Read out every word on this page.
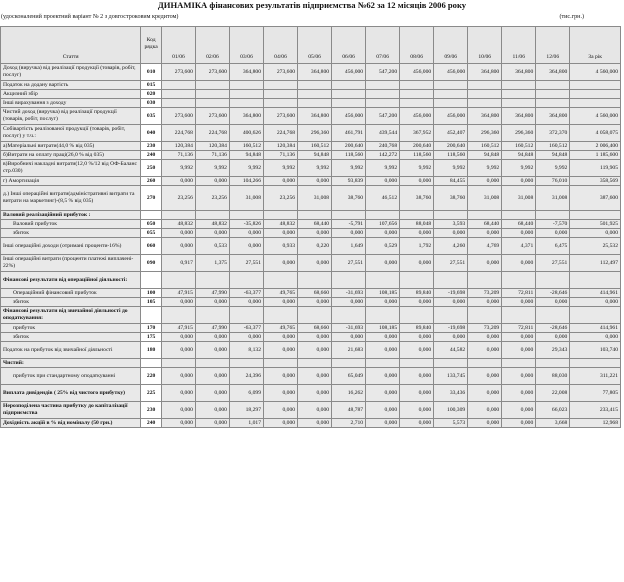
ДИНАМІКА фінансових результатів підприємства №62 за 12 місяців 2006 року
(удосконалений проектний варіант № 2 з довгостроковим кредитом)	(тис.грн.)
Стаття	Код рядка	01/06	02/06	03/06	04/06	05/06	06/06	07/06	08/06	09/06	10/06	11/06	12/06	За рік
Доход (виручка) від реалізації продукції (товарів, робіт, послуг)	010	273,600	273,600	364,800	273,600	364,800	456,000	547,200	456,000	456,000	364,800	364,800	364,800	4 560,000
Податок на додану вартість	015													
Акцизний збір	020													
Інші вирахування з доходу	030													
Чистий доход (виручка) від реалізації продукції (товарів, робіт, послуг)	035	273,600	273,600	364,800	273,600	364,800	456,000	547,200	456,000	456,000	364,800	364,800	364,800	4 560,000
Собівартість реалізованої продукції (товарів, робіт, послуг) у т.ч.:	040	224,768	224,768	400,626	224,768	296,360	461,791	439,544	367,952	452,407	296,360	296,360	372,370	4 058,075
а)Матеріальні витрати(44,0 % від 035)	230	120,384	120,384	160,512	120,384	160,512	200,640	240,768	200,640	200,640	160,512	160,512	160,512	2 006,400
б)Витрати на оплату праці(26,0 % від 035)	240	71,136	71,136	94,848	71,136	94,848	118,560	142,272	118,560	118,560	94,848	94,848	94,848	1 185,600
в)Виробничі накладні витрати(12,0 %/12 від ОФ-Баланс стр.030)	250	9,992	9,992	9,992	9,992	9,992	9,992	9,992	9,992	9,992	9,992	9,992	9,992	119,905
г) Амортизація	260	0,000	0,000	104,266	0,000	0,000	93,839	0,000	0,000	84,455	0,000	0,000	76,010	358,569
д.) Інші операційні витрати(адміністративні витрати та витрати на маркетинг)-(8,5 % від 035)	270	23,256	23,256	31,008	23,256	31,008	38,760	46,512	38,760	38,760	31,008	31,008	31,008	387,600
Валовий реалізаційний прибуток :														
Валовий прибуток	050	48,832	48,832	-35,826	48,832	68,440	-5,791	107,656	88,048	3,593	68,440	68,440	-7,570	501,925
збиток	055	0,000	0,000	0,000	0,000	0,000	0,000	0,000	0,000	0,000	0,000	0,000	0,000	0,000
Інші операційні доходи (отримані проценти-16%)	060	0,000	0,533	0,000	0,933	0,220	1,649	0,529	1,792	4,260	4,769	4,371	6,475	25,532
Інші операційні витрати (проценти платежі виплачені- 22%)	090	0,917	1,375	27,551	0,000	0,000	27,551	0,000	0,000	27,551	0,000	0,000	27,551	112,497
Фінансові результати від операційної діяльності:														
Операційний фінансовий прибуток	100	47,915	47,990	-63,377	49,765	68,660	-31,693	108,185	89,840	-19,698	73,209	72,811	-28,646	414,961
збиток	105	0,000	0,000	0,000	0,000	0,000	0,000	0,000	0,000	0,000	0,000	0,000	0,000	0,000
Фінансові результати від звичайної діяльності до оподаткування:														
прибуток	170	47,915	47,990	-63,377	49,765	68,660	-31,693	108,185	89,840	-19,698	73,209	72,811	-28,646	414,961
збиток	175	0,000	0,000	0,000	0,000	0,000	0,000	0,000	0,000	0,000	0,000	0,000	0,000	0,000
Податок на прибуток від звичайної діяльності	180	0,000	0,000	8,132	0,000	0,000	21,683	0,000	0,000	44,582	0,000	0,000	29,343	103,740
Чистий:														
прибуток при стандартному оподаткуванні	220	0,000	0,000	24,396	0,000	0,000	65,049	0,000	0,000	133,745	0,000	0,000	88,030	311,221
Виплата дивідендів ( 25% від чистого прибутку)	225	0,000	0,000	6,099	0,000	0,000	16,262	0,000	0,000	33,436	0,000	0,000	22,008	77,805
Нерозподілена частина прибутку до капіталізації підприємства	230	0,000	0,000	18,297	0,000	0,000	48,787	0,000	0,000	100,309	0,000	0,000	66,023	233,415
Дохідність акцій в % від номіналу (50 грн.)	240	0,000	0,000	1,017	0,000	0,000	2,710	0,000	0,000	5,573	0,000	0,000	3,668	12,968
